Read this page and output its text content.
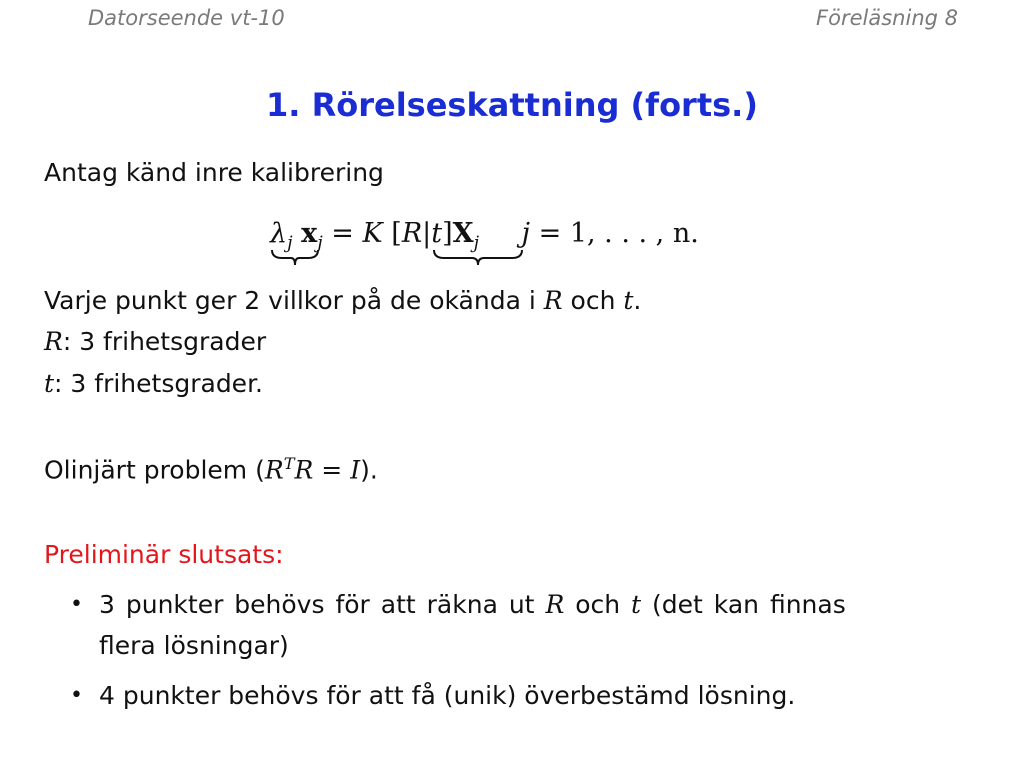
Datorseende vt-10	Föreläsning 8
1. Rörelseskattning (forts.)
Antag känd inre kalibrering
$\lambda_j$ $x_j = K$ $[R|t]X_j$ j = 1, . . . , n.
Varje punkt ger 2 villkor på de okända i R och t.
R: 3 frihetsgrader
t: 3 frihetsgrader.
Olinjärt problem $(R^TR = I)$.
Preliminär slutsats:
• 3 punkter behövs för att räkna ut R och t (det kan finnas
flera lösningar)
• 4 punkter behövs för att få (unik) överbestämd lösning.
